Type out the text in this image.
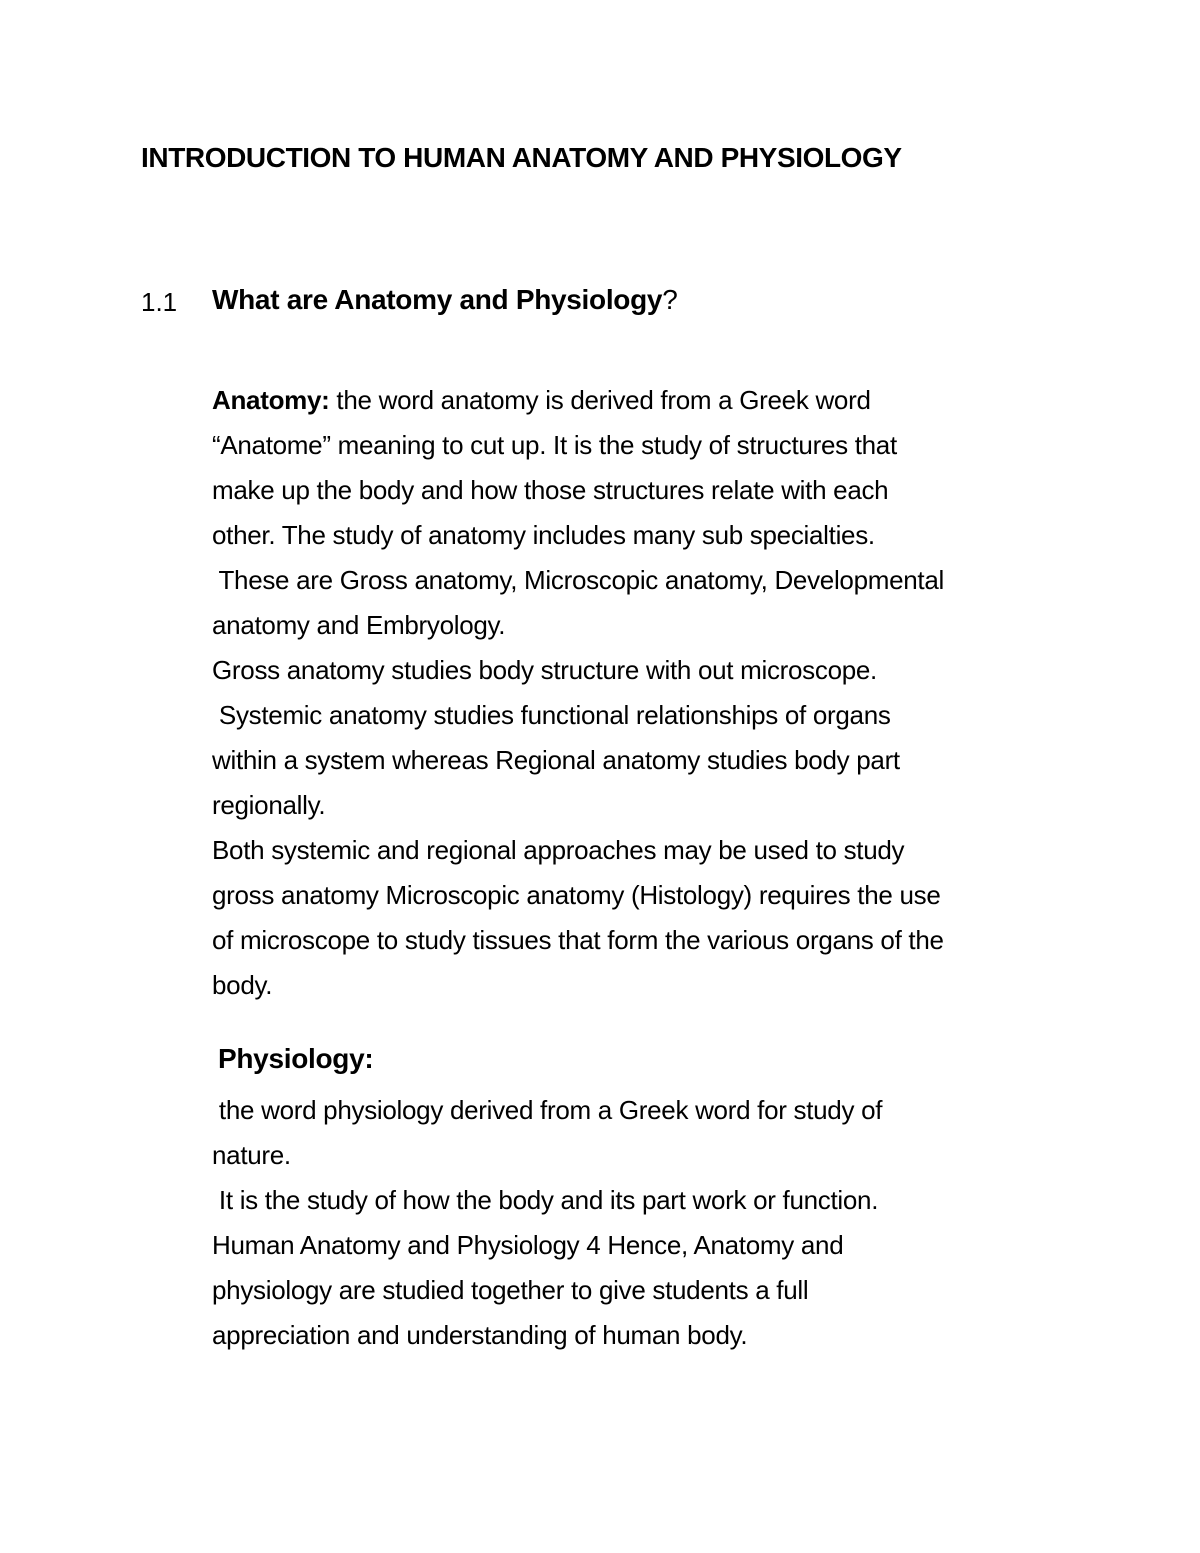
INTRODUCTION TO HUMAN ANATOMY AND PHYSIOLOGY
1.1 What are Anatomy and Physiology?
Anatomy: the word anatomy is derived from a Greek word
“Anatome” meaning to cut up. It is the study of structures that
make up the body and how those structures relate with each
other. The study of anatomy includes many sub specialties.
These are Gross anatomy, Microscopic anatomy, Developmental
anatomy and Embryology.
Gross anatomy studies body structure with out microscope.
Systemic anatomy studies functional relationships of organs
within a system whereas Regional anatomy studies body part
regionally.
Both systemic and regional approaches may be used to study
gross anatomy Microscopic anatomy (Histology) requires the use
of microscope to study tissues that form the various organs of the
body.
Physiology:
the word physiology derived from a Greek word for study of
nature.
It is the study of how the body and its part work or function.
Human Anatomy and Physiology 4 Hence, Anatomy and
physiology are studied together to give students a full
appreciation and understanding of human body.
